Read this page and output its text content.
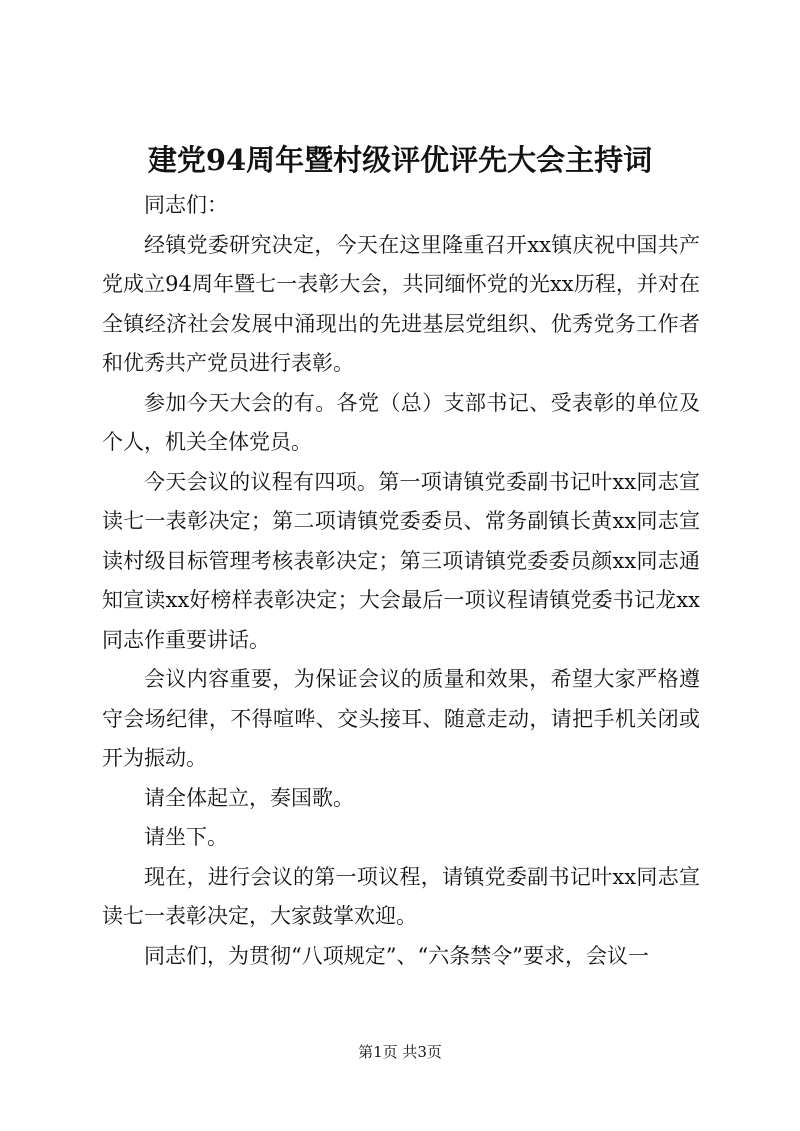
建党94周年暨村级评优评先大会主持词

同志们：

经镇党委研究决定，今天在这里隆重召开xx镇庆祝中国共产党成立94周年暨七一表彰大会，共同缅怀党的光xx历程，并对在全镇经济社会发展中涌现出的先进基层党组织、优秀党务工作者和优秀共产党员进行表彰。

参加今天大会的有。各党（总）支部书记、受表彰的单位及个人，机关全体党员。

今天会议的议程有四项。第一项请镇党委副书记叶xx同志宣读七一表彰决定；第二项请镇党委委员、常务副镇长黄xx同志宣读村级目标管理考核表彰决定；第三项请镇党委委员颜xx同志通知宣读xx好榜样表彰决定；大会最后一项议程请镇党委书记龙xx同志作重要讲话。

会议内容重要，为保证会议的质量和效果，希望大家严格遵守会场纪律，不得喧哗、交头接耳、随意走动，请把手机关闭或开为振动。

请全体起立，奏国歌。

请坐下。

现在，进行会议的第一项议程，请镇党委副书记叶xx同志宣读七一表彰决定，大家鼓掌欢迎。

同志们，为贯彻“八项规定”、“六条禁令”要求，会议一

第1页 共3页
